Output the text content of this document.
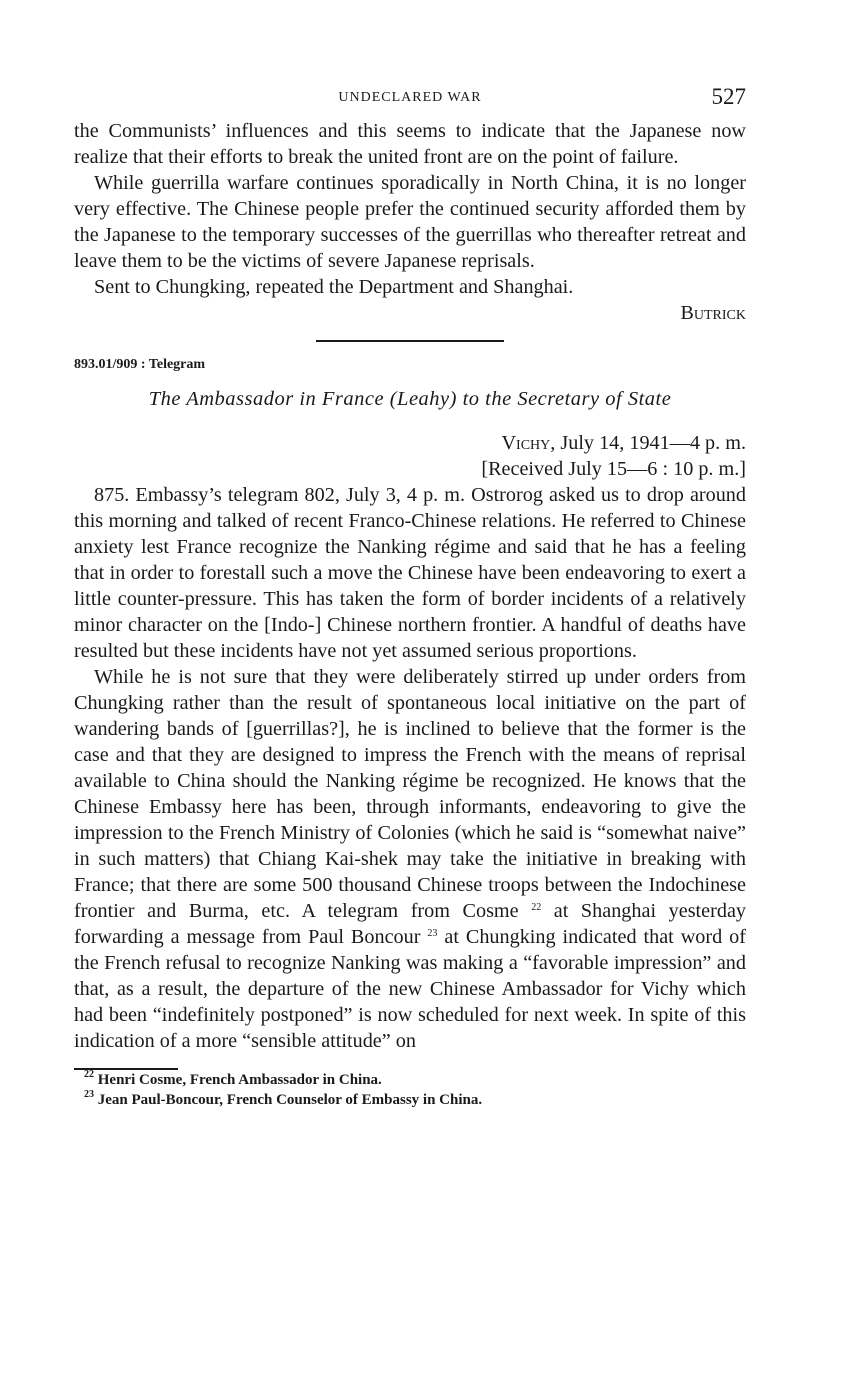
UNDECLARED WAR	527

the Communists’ influences and this seems to indicate that the Japanese now realize that their efforts to break the united front are on the point of failure.

While guerrilla warfare continues sporadically in North China, it is no longer very effective. The Chinese people prefer the continued security afforded them by the Japanese to the temporary successes of the guerrillas who thereafter retreat and leave them to be the victims of severe Japanese reprisals.

Sent to Chungking, repeated the Department and Shanghai.

Butrick
893.01/909 : Telegram
The Ambassador in France (Leahy) to the Secretary of State
Vichy, July 14, 1941—4 p. m.
[Received July 15—6 : 10 p. m.]

875. Embassy’s telegram 802, July 3, 4 p. m. Ostrorog asked us to drop around this morning and talked of recent Franco-Chinese relations. He referred to Chinese anxiety lest France recognize the Nanking régime and said that he has a feeling that in order to forestall such a move the Chinese have been endeavoring to exert a little counter-pressure. This has taken the form of border incidents of a relatively minor character on the [Indo-] Chinese northern frontier. A handful of deaths have resulted but these incidents have not yet assumed serious proportions.

While he is not sure that they were deliberately stirred up under orders from Chungking rather than the result of spontaneous local initiative on the part of wandering bands of [guerrillas?], he is inclined to believe that the former is the case and that they are designed to impress the French with the means of reprisal available to China should the Nanking régime be recognized. He knows that the Chinese Embassy here has been, through informants, endeavoring to give the impression to the French Ministry of Colonies (which he said is “somewhat naive” in such matters) that Chiang Kai-shek may take the initiative in breaking with France; that there are some 500 thousand Chinese troops between the Indochinese frontier and Burma, etc. A telegram from Cosme $^{22}$ at Shanghai yesterday forwarding a message from Paul Boncour $^{23}$ at Chungking indicated that word of the French refusal to recognize Nanking was making a “favorable impression” and that, as a result, the departure of the new Chinese Ambassador for Vichy which had been “indefinitely postponed” is now scheduled for next week. In spite of this indication of a more “sensible attitude” on

$^{22}$ Henri Cosme, French Ambassador in China.
$^{23}$ Jean Paul-Boncour, French Counselor of Embassy in China.
